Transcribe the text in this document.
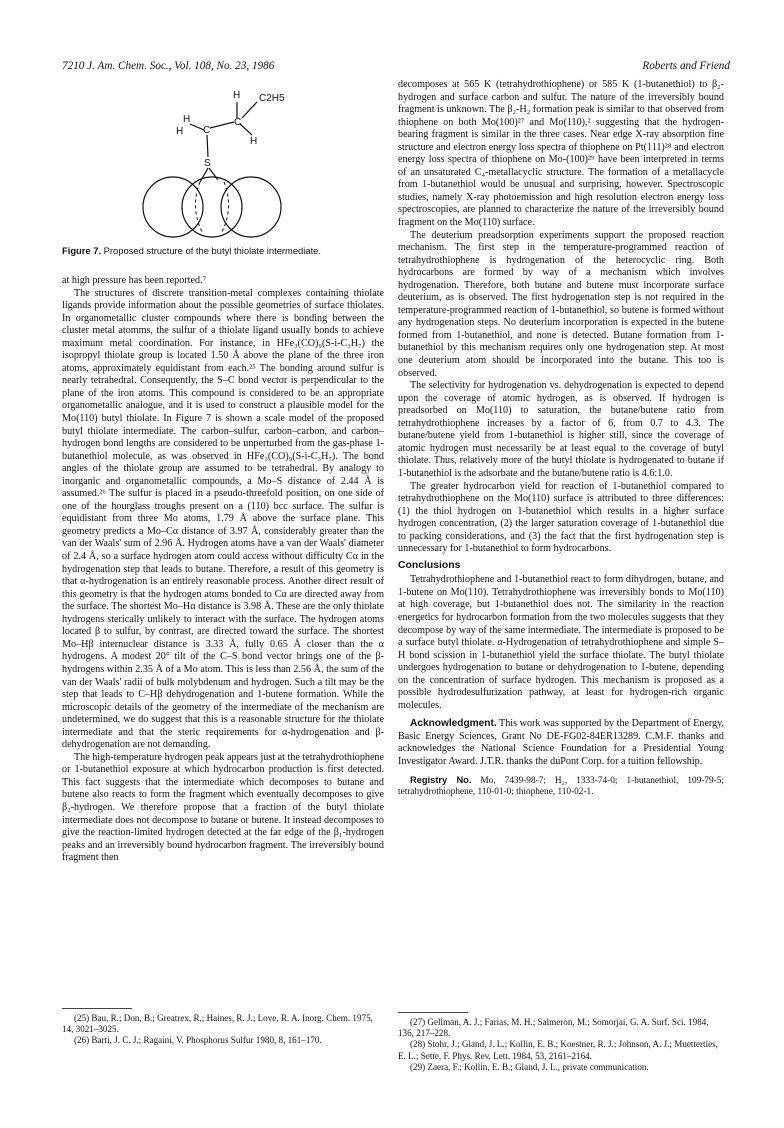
7210 J. Am. Chem. Soc., Vol. 108, No. 23, 1986	Roberts and Friend
H C2H5
H
H C
C
H
S
Figure 7. Proposed structure of the butyl thiolate intermediate.

at high pressure has been reported.⁷

The structures of discrete transition-metal complexes containing thiolate ligands provide information about the possible geometries of surface thiolates. In organometallic cluster compounds where there is bonding between the cluster metal atomms, the sulfur of a thiolate ligand usually bonds to achieve maximum metal coordination. For instance, in HFe₃(CO)₉(S-i-C₃H₇) the isopropyl thiolate group is located 1.50 Å above the plane of the three iron atoms, approximately equidistant from each.²⁵ The bonding around sulfur is nearly tetrahedral. Consequently, the S–C bond vector is perpendicular to the plane of the iron atoms. This compound is considered to be an appropriate organometallic analogue, and it is used to construct a plausible model for the Mo(110) butyl thiolate. In Figure 7 is shown a scale model of the proposed butyl thiolate intermediate. The carbon–sulfur, carbon–carbon, and carbon–hydrogen bond lengths are considered to be unperturbed from the gas-phase 1-butanethiol molecule, as was observed in HFe₃(CO)₉(S-i-C₃H₇). The bond angles of the thiolate group are assumed to be tetrahedral. By analogy to inorganic and organometallic compounds, a Mo–S distance of 2.44 Å is assumed.²⁶ The sulfur is placed in a pseudo-threefold position, on one side of one of the hourglass troughs present on a (110) bcc surface. The sulfur is equidistant from three Mo atoms, 1.79 Å above the surface plane. This geometry predicts a Mo–Cα distance of 3.97 Å, considerably greater than the van der Waals' sum of 2.96 Å. Hydrogen atoms have a van der Waals' diameter of 2.4 Å, so a surface hydrogen atom could access without difficulty Cα in the hydrogenation step that leads to butane. Therefore, a result of this geometry is that α-hydrogenation is an entirely reasonable process. Another direct result of this geometry is that the hydrogen atoms bonded to Cα are directed away from the surface. The shortest Mo–Hα distance is 3.98 Å. These are the only thiolate hydrogens sterically unlikely to interact with the surface. The hydrogen atoms located β to sulfur, by contrast, are directed toward the surface. The shortest Mo–Hβ internuclear distance is 3.33 Å, fully 0.65 Å closer than the α hydrogens. A modest 20° tilt of the C–S bond vector brings one of the β-hydrogens within 2.35 Å of a Mo atom. This is less than 2.56 Å, the sum of the van der Waals' radii of bulk molybdenum and hydrogen. Such a tilt may be the step that leads to C–Hβ dehydrogenation and 1-butene formation. While the microscopic details of the geometry of the intermediate of the mechanism are undetermined, we do suggest that this is a reasonable structure for the thiolate intermediate and that the steric requirements for α-hydrogenation and β-dehydrogenation are not demanding.

The high-temperature hydrogen peak appears just at the tetrahydrothiophene or 1-butanethiol exposure at which hydrocarbon production is first detected. This fact suggests that the intermediate which decomposes to butane and butene also reacts to form the fragment which eventually decomposes to give β₂-hydrogen. We therefore propose that a fraction of the butyl thiolate intermediate does not decompose to butane or butene. It instead decomposes to give the reaction-limited hydrogen detected at the far edge of the β₁-hydrogen peaks and an irreversibly bound hydrocarbon fragment. The irreversibly bound fragment then

(25) Bau, R.; Don, B.; Greatrex, R.; Haines, R. J.; Love, R. A. Inorg. Chem. 1975, 14, 3021–3025.
(26) Barti, J. C. J.; Ragaini, V. Phosphorus Sulfur 1980, 8, 161–170.

decomposes at 565 K (tetrahydrothiophene) or 585 K (1-butanethiol) to β₂-hydrogen and surface carbon and sulfur. The nature of the irreversibly bound fragment is unknown. The β₂-H₂ formation peak is similar to that observed from thiophene on both Mo(100)²⁷ and Mo(110),² suggesting that the hydrogen-bearing fragment is similar in the three cases. Near edge X-ray absorption fine structure and electron energy loss spectra of thiophene on Pt(111)²⁸ and electron energy loss spectra of thiophene on Mo-(100)²⁹ have been interpreted in terms of an unsaturated C₄-metallacyclic structure. The formation of a metallacycle from 1-butanethiol would be unusual and surprising, however. Spectroscopic studies, namely X-ray photoemission and high resolution electron energy loss spectroscopies, are planned to characterize the nature of the irreversibly bound fragment on the Mo(110) surface.

The deuterium preadsorption experiments support the proposed reaction mechanism. The first step in the temperature-programmed reaction of tetrahydrothiophene is hydrogenation of the heterocyclic ring. Both hydrocarbons are formed by way of a mechanism which involves hydrogenation. Therefore, both butane and butene must incorporate surface deuterium, as is observed. The first hydrogenation step is not required in the temperature-programmed reaction of 1-butanethiol, so butene is formed without any hydrogenation steps. No deuterium incorporation is expected in the butene formed from 1-butanethiol, and none is detected. Butane formation from 1-butanethiol by this mechanism requires only one hydrogenation step. At most one deuterium atom should be incorporated into the butane. This too is observed.

The selectivity for hydrogenation vs. dehydrogenation is expected to depend upon the coverage of atomic hydrogen, as is observed. If hydrogen is preadsorbed on Mo(110) to saturation, the butane/butene ratio from tetrahydrothiophene increases by a factor of 6, from 0.7 to 4.3. The butane/butene yield from 1-butanethiol is higher still, since the coverage of atomic hydrogen must necessarily be at least equal to the coverage of butyl thiolate. Thus, relatively more of the butyl thiolate is hydrogenated to butane if 1-butanethiol is the adsorbate and the butane/butene ratio is 4.6:1.0.

The greater hydrocarbon yield for reaction of 1-butanethiol compared to tetrahydrothiophene on the Mo(110) surface is attributed to three differences: (1) the thiol hydrogen on 1-butanethiol which results in a higher surface hydrogen concentration, (2) the larger saturation coverage of 1-butanethiol due to packing considerations, and (3) the fact that the first hydrogenation step is unnecessary for 1-butanethiol to form hydrocarbons.

Conclusions

Tetrahydrothiophene and 1-butanethiol react to form dihydrogen, butane, and 1-butene on Mo(110). Tetrahydrothiophene was irreversibly bonds to Mo(110) at high coverage, but 1-butanethiol does not. The similarity in the reaction energetics for hydrocarbon formation from the two molecules suggests that they decompose by way of the same intermediate. The intermediate is proposed to be a surface butyl thiolate. α-Hydrogenation of tetrahydrothiophene and simple S–H bond scission in 1-butanethiol yield the surface thiolate. The butyl thiolate undergoes hydrogenation to butane or dehydrogenation to 1-butene, depending on the concentration of surface hydrogen. This mechanism is proposed as a possible hydrodesulfurization pathway, at least for hydrogen-rich organic molecules.

Acknowledgment. This work was supported by the Department of Energy, Basic Energy Sciences, Grant No DE-FG02-84ER13289. C.M.F. thanks and acknowledges the National Science Foundation for a Presidential Young Investigator Award. J.T.R. thanks the duPont Corp. for a tuition fellowship.

Registry No. Mo, 7439-98-7; H₂, 1333-74-0; 1-butanethiol, 109-79-5; tetrahydrothiophene, 110-01-0; thiophene, 110-02-1.

(27) Gellman, A. J.; Farias, M. H.; Salmeron, M.; Somorjai, G. A. Surf. Sci. 1984, 136, 217–228.
(28) Stohr, J.; Gland, J. L.; Kollin, E. B.; Koestner, R. J.; Johnson, A. J.; Muetterties, E. L.; Sette, F. Phys. Rev. Lett. 1984, 53, 2161–2164.
(29) Zaera, F.; Kollin, E. B.; Gland, J. L., private communication.
